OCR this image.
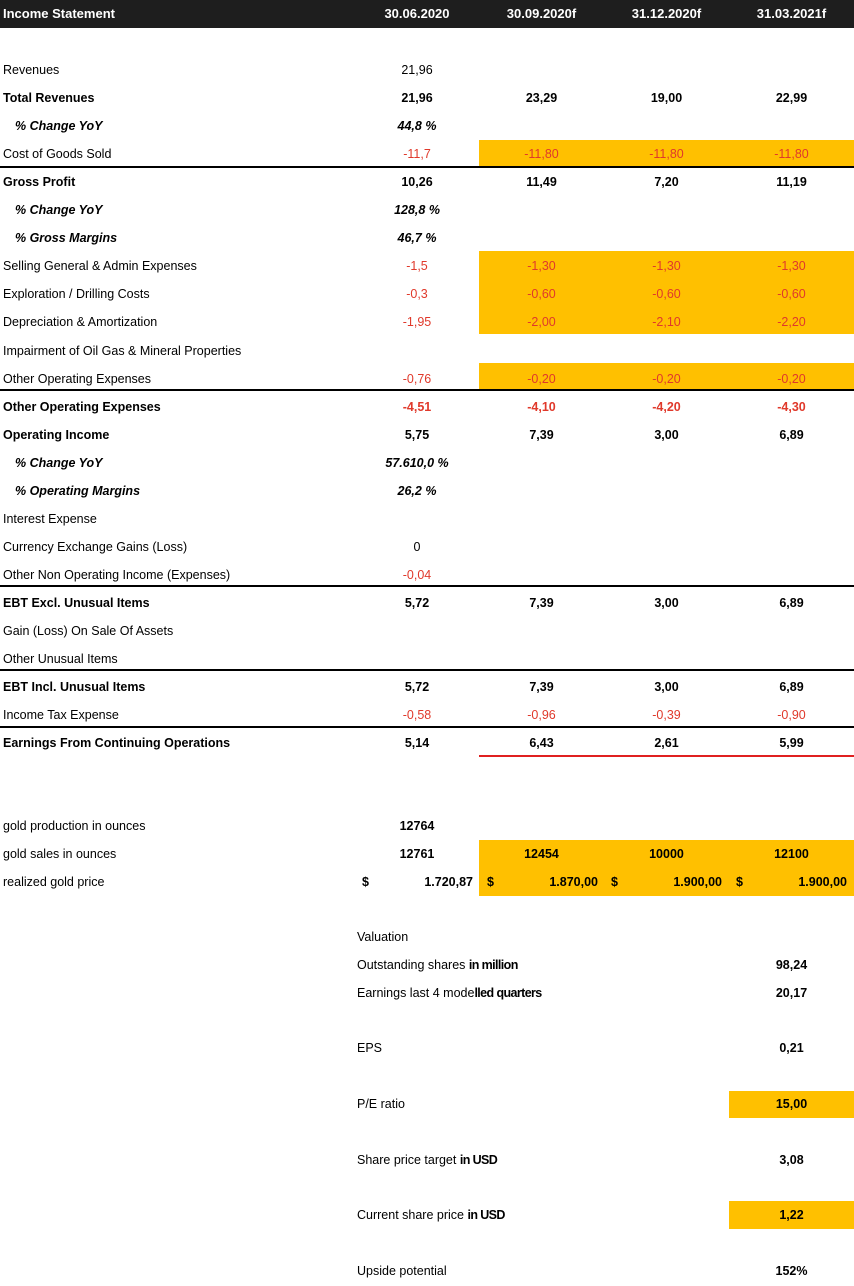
Income Statement	30.06.2020	30.09.2020f	31.12.2020f	31.03.2021f
Revenues	21,96
Total Revenues	21,96	23,29	19,00	22,99
% Change YoY	44,8 %
Cost of Goods Sold	-11,7	-11,80	-11,80	-11,80
Gross Profit	10,26	11,49	7,20	11,19
% Change YoY	128,8 %
% Gross Margins	46,7 %
Selling General & Admin Expenses	-1,5	-1,30	-1,30	-1,30
Exploration / Drilling Costs	-0,3	-0,60	-0,60	-0,60
Depreciation & Amortization	-1,95	-2,00	-2,10	-2,20
Impairment of Oil Gas & Mineral Properties
Other Operating Expenses	-0,76	-0,20	-0,20	-0,20
Other Operating Expenses	-4,51	-4,10	-4,20	-4,30
Operating Income	5,75	7,39	3,00	6,89
% Change YoY	57.610,0 %
% Operating Margins	26,2 %
Interest Expense
Currency Exchange Gains (Loss)	0
Other Non Operating Income (Expenses)	-0,04
EBT Excl. Unusual Items	5,72	7,39	3,00	6,89
Gain (Loss) On Sale Of Assets
Other Unusual Items
EBT Incl. Unusual Items	5,72	7,39	3,00	6,89
Income Tax Expense	-0,58	-0,96	-0,39	-0,90
Earnings From Continuing Operations	5,14	6,43	2,61	5,99
gold production in ounces	12764
gold sales in ounces	12761	12454	10000	12100
realized gold price	$	1.720,87 $	1.870,00 $	1.900,00 $	1.900,00
Valuation
Outstanding shares in million	98,24
Earnings last 4 modelled quarters	20,17
EPS	0,21
P/E ratio	15,00
Share price target in USD	3,08
Current share price in USD	1,22
Upside potential	152%
